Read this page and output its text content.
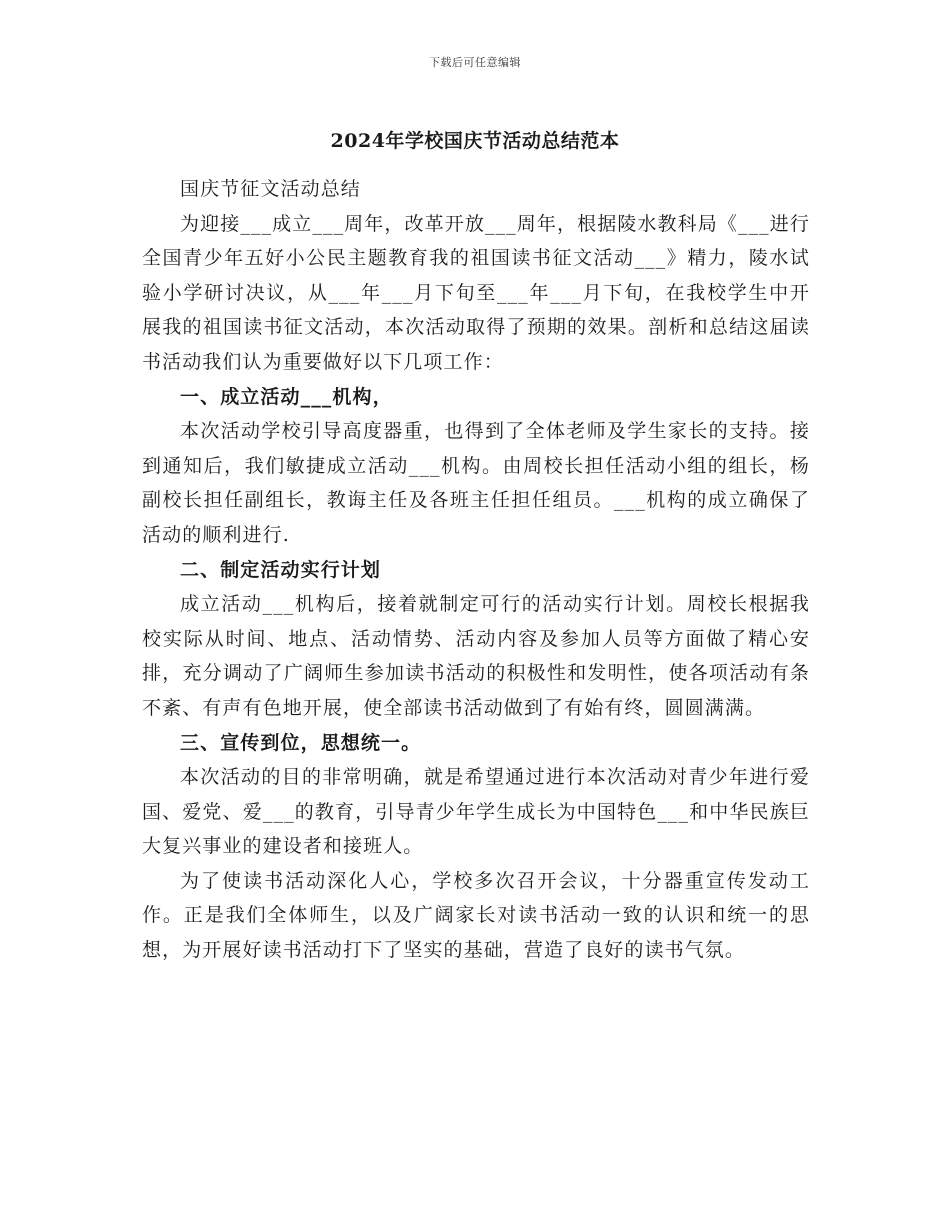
下载后可任意编辑
2024年学校国庆节活动总结范本

国庆节征文活动总结

为迎接___成立___周年，改革开放___周年，根据陵水教科局《___进行全国青少年五好小公民主题教育我的祖国读书征文活动___》精力，陵水试验小学研讨决议，从___年___月下旬至___年___月下旬，在我校学生中开展我的祖国读书征文活动，本次活动取得了预期的效果。剖析和总结这届读书活动我们认为重要做好以下几项工作：

一、成立活动___机构，

本次活动学校引导高度器重，也得到了全体老师及学生家长的支持。接到通知后，我们敏捷成立活动___机构。由周校长担任活动小组的组长，杨副校长担任副组长，教诲主任及各班主任担任组员。___机构的成立确保了活动的顺利进行.

二、制定活动实行计划

成立活动___机构后，接着就制定可行的活动实行计划。周校长根据我校实际从时间、地点、活动情势、活动内容及参加人员等方面做了精心安排，充分调动了广阔师生参加读书活动的积极性和发明性，使各项活动有条不紊、有声有色地开展，使全部读书活动做到了有始有终，圆圆满满。

三、宣传到位，思想统一。

本次活动的目的非常明确，就是希望通过进行本次活动对青少年进行爱国、爱党、爱___的教育，引导青少年学生成长为中国特色___和中华民族巨大复兴事业的建设者和接班人。

为了使读书活动深化人心，学校多次召开会议，十分器重宣传发动工作。正是我们全体师生，以及广阔家长对读书活动一致的认识和统一的思想，为开展好读书活动打下了坚实的基础，营造了良好的读书气氛。
